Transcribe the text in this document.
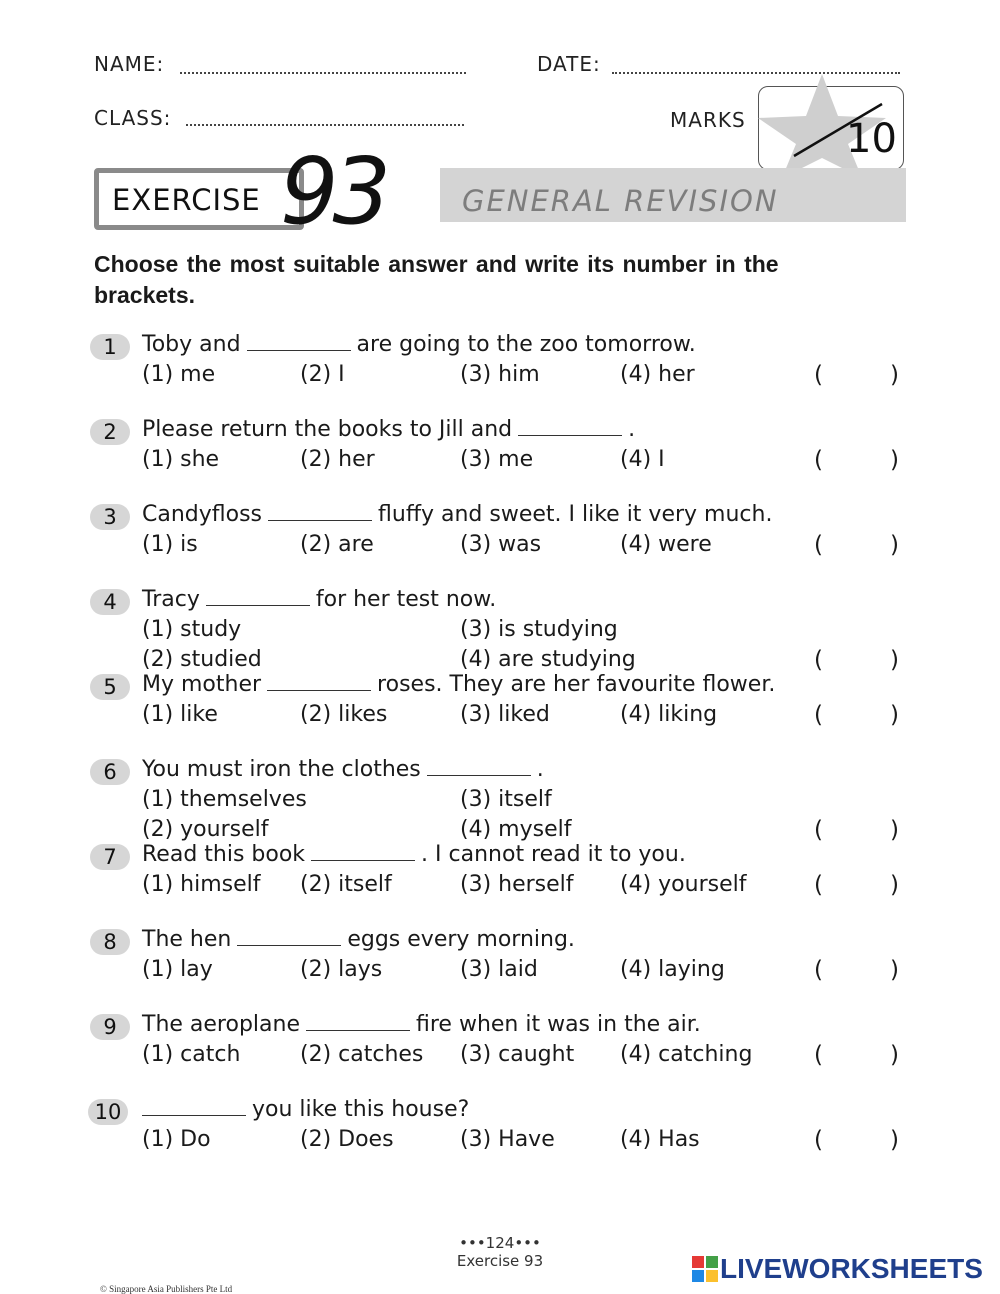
NAME:	DATE:
CLASS:	MARKS	10
EXERCISE 93	GENERAL REVISION
Choose the most suitable answer and write its number in the
brackets.
1	Toby and	are going to the zoo tomorrow.
(1) me	(2) I	(3) him	(4) her	(	)
2	Please return the books to Jill and	.
(1) she	(2) her	(3) me	(4) I	(	)
3	Candyfloss	fluffy and sweet. I like it very much.
(1) is	(2) are	(3) was	(4) were	(	)
4	Tracy	for her test now.
(1) study	(3) is studying
(2) studied	(4) are studying	(	)
5	My mother	roses. They are her favourite flower.
(1) like	(2) likes	(3) liked	(4) liking	(	)
6	You must iron the clothes	.
(1) themselves	(3) itself
(2) yourself	(4) myself	(	)
7	Read this book	. I cannot read it to you.
(1) himself (2) itself	(3) herself (4) yourself	(	)
8	The hen	eggs every morning.
(1) lay	(2) lays	(3) laid	(4) laying	(	)
9	The aeroplane	fire when it was in the air.
(1) catch	(2) catches (3) caught (4) catching	(	)
10	you like this house?
(1) Do	(2) Does	(3) Have	(4) Has	(	)
•••124•••
Exercise 93
© Singapore Asia Publishers Pte Ltd
LIVEWORKSHEETS
